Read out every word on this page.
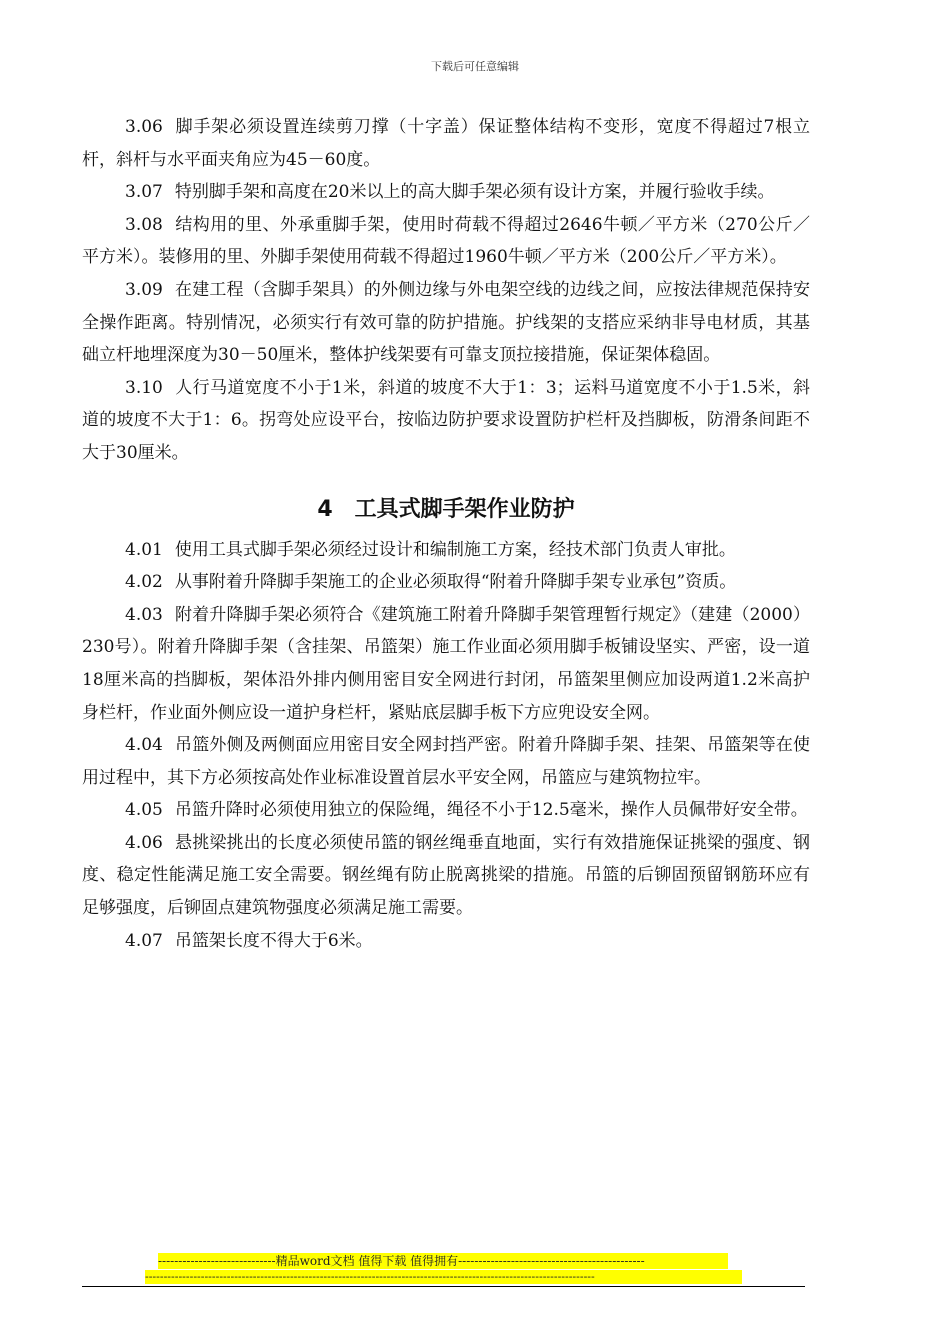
下载后可任意编辑

3.06 脚手架必须设置连续剪刀撑（十字盖）保证整体结构不变形，宽度不得超过7根立杆，斜杆与水平面夹角应为45－60度。

3.07 特别脚手架和高度在20米以上的高大脚手架必须有设计方案，并履行验收手续。

3.08 结构用的里、外承重脚手架，使用时荷载不得超过2646牛顿／平方米（270公斤／平方米）。装修用的里、外脚手架使用荷载不得超过1960牛顿／平方米（200公斤／平方米）。

3.09 在建工程（含脚手架具）的外侧边缘与外电架空线的边线之间，应按法律规范保持安全操作距离。特别情况，必须实行有效可靠的防护措施。护线架的支搭应采纳非导电材质，其基础立杆地埋深度为30－50厘米，整体护线架要有可靠支顶拉接措施，保证架体稳固。

3.10 人行马道宽度不小于1米，斜道的坡度不大于1：3；运料马道宽度不小于1.5米，斜道的坡度不大于1：6。拐弯处应设平台，按临边防护要求设置防护栏杆及挡脚板，防滑条间距不大于30厘米。

4　工具式脚手架作业防护

4.01 使用工具式脚手架必须经过设计和编制施工方案，经技术部门负责人审批。

4.02 从事附着升降脚手架施工的企业必须取得“附着升降脚手架专业承包”资质。

4.03 附着升降脚手架必须符合《建筑施工附着升降脚手架管理暂行规定》（建建（2000）230号）。附着升降脚手架（含挂架、吊篮架）施工作业面必须用脚手板铺设坚实、严密，设一道18厘米高的挡脚板，架体沿外排内侧用密目安全网进行封闭，吊篮架里侧应加设两道1.2米高护身栏杆，作业面外侧应设一道护身栏杆，紧贴底层脚手板下方应兜设安全网。

4.04 吊篮外侧及两侧面应用密目安全网封挡严密。附着升降脚手架、挂架、吊篮架等在使用过程中，其下方必须按高处作业标准设置首层水平安全网，吊篮应与建筑物拉牢。

4.05 吊篮升降时必须使用独立的保险绳，绳径不小于12.5毫米，操作人员佩带好安全带。

4.06 悬挑梁挑出的长度必须使吊篮的钢丝绳垂直地面，实行有效措施保证挑梁的强度、钢度、稳定性能满足施工安全需要。钢丝绳有防止脱离挑梁的措施。吊篮的后铆固预留钢筋环应有足够强度，后铆固点建筑物强度必须满足施工需要。

4.07 吊篮架长度不得大于6米。

-----------------------------精品word文档 值得下载 值得拥有----------------------------------------------
-------------------------------------------------------------------------------------------------------------------------
